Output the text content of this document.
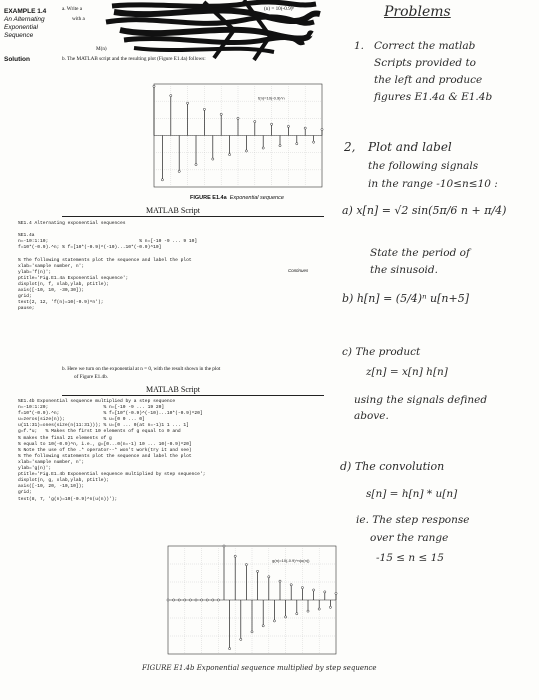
EXAMPLE 1.4
An Alternating
Exponential
Sequence
Solution
a. Write a
with a
(n) = 10(-0.9)ⁿ
M(n)
b. The MATLAB script and the resulting plot (Figure E1.4a) follows:
f(n)=10(-0.9)^n
FIGURE E1.4a Exponential sequence
MATLAB Script
%E1.4 Alternating exponential sequences

%E1.4a
n=-10:1:10;                                 % n=[-10 -9 ... 9 10]
f=10*(-0.9).^n; % f=[10*(-0.9)^(-10)...10*(-0.9)^10]

% The following statements plot the sequence and label the plot
xlab='sample number, n';
ylab='f(n)';
ptitle='Fig.E1.4a Exponential sequence';
displot(n, f, xlab,ylab, ptitle);
axis([-10, 10, -30,30]);
grid;
text(2, 12, 'f(n)=10(-0.9)^n');
pause;
Continues
b. Here we turn on the exponential at n = 0, with the result shown in the plot
of Figure E1.4b.
MATLAB Script
%E1.4b Exponential sequence multiplied by a step sequence
n=-10:1:20;                    % n=[-10 -9 ... 19 20]
f=10*(-0.9).^n;                % f=[10*(-0.9)^(-10)...10*(-0.9)^20]
u=zeros(size(n));              % u=[0 0 ... 0]
u(11:31)=ones(size(n(11:31))); % u=[0 ... 0(at n=-1)1 1 ... 1]
g=f.*u;   % Makes the first 10 elements of g equal to 0 and
% makes the final 21 elements of g
% equal to 10(-0.9)^n, i.e., g=[0...0(n=-1) 10 ... 10(-0.9)^20]
% Note the use of the .* operator--* won't work(try it and see)
% The following statements plot the sequence and label the plot
xlab='sample number, n';
ylab='g(n)';
ptitle='Fig.E1.4b Exponential sequence multiplied by step sequence';
displot(n, g, xlab,ylab, ptitle);
axis([-10, 20, -10,10]);
grid;
text(8, 7, 'g(n)=10(-0.9)^n(u(n))');
g(n)=10(-0.9)^n(u(n))
FIGURE E1.4b Exponential sequence multiplied by step sequence
Problems
1. Correct the matlab
Scripts provided to
the left and produce
figures E1.4a & E1.4b
2, Plot and label
the following signals
in the range -10≤n≤10 :
a) x[n] = √2 sin(5π/6 n + π/4)
State the period of
the sinusoid.
b) h[n] = (5/4)ⁿ u[n+5]
c) The product
z[n] = x[n] h[n]
using the signals defined
above.
d) The convolution
s[n] = h[n] * u[n]
ie. The step response
over the range
-15 ≤ n ≤ 15
